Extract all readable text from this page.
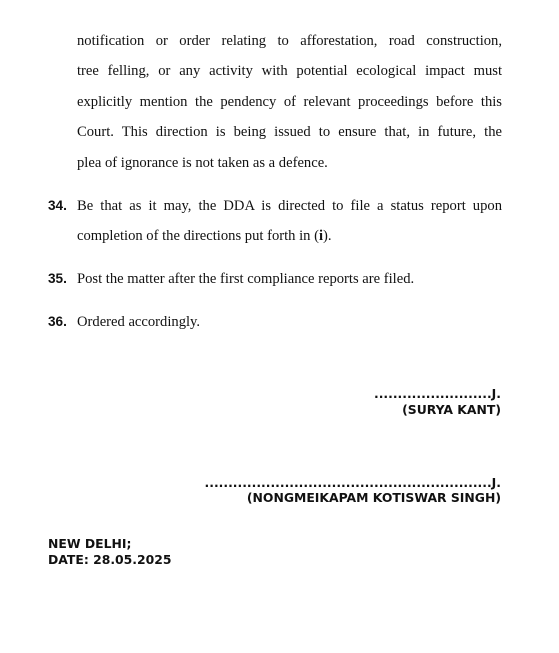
notification or order relating to afforestation, road construction,
tree felling, or any activity with potential ecological impact must
explicitly mention the pendency of relevant proceedings before this
Court. This direction is being issued to ensure that, in future, the
plea of ignorance is not taken as a defence.
34. Be that as it may, the DDA is directed to file a status report upon
completion of the directions put forth in (i).
35. Post the matter after the first compliance reports are filed.
36. Ordered accordingly.
.........................J.
(SURYA KANT)
.............................................................J.
(NONGMEIKAPAM KOTISWAR SINGH)
NEW DELHI;
DATE: 28.05.2025
